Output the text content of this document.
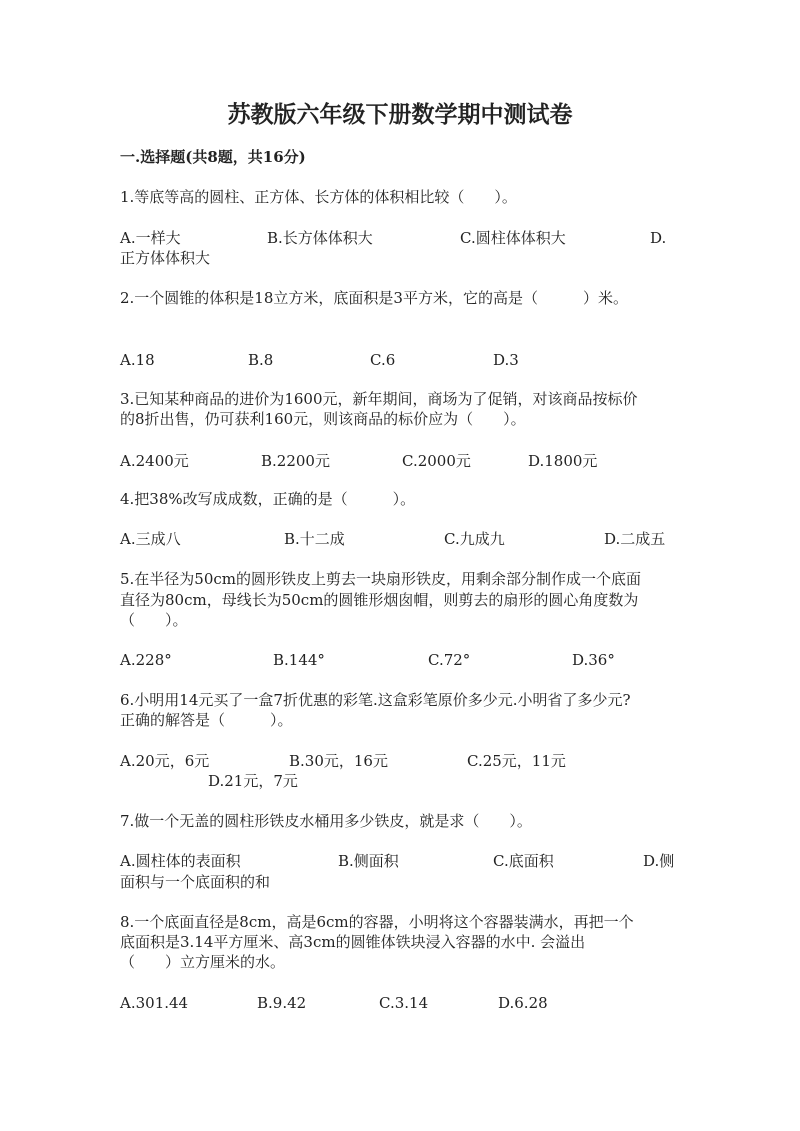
苏教版六年级下册数学期中测试卷
一.选择题(共8题，共16分)
1.等底等高的圆柱、正方体、长方体的体积相比较（　　）。
A.一样大	B.长方体体积大	C.圆柱体体积大	D.
正方体体积大
2.一个圆锥的体积是18立方米，底面积是3平方米，它的高是（　　　）米。
A.18	B.8	C.6	D.3
3.已知某种商品的进价为1600元，新年期间，商场为了促销，对该商品按标价
的8折出售，仍可获利160元，则该商品的标价应为（　　）。
A.2400元	B.2200元	C.2000元	D.1800元
4.把38%改写成成数，正确的是（　　　）。
A.三成八	B.十二成	C.九成九	D.二成五
5.在半径为50cm的圆形铁皮上剪去一块扇形铁皮，用剩余部分制作成一个底面
直径为80cm，母线长为50cm的圆锥形烟囱帽，则剪去的扇形的圆心角度数为
（　　）。
A.228°	B.144°	C.72°	D.36°
6.小明用14元买了一盒7折优惠的彩笔.这盒彩笔原价多少元.小明省了多少元?
正确的解答是（　　　）。
A.20元，6元	B.30元，16元	C.25元，11元
D.21元，7元
7.做一个无盖的圆柱形铁皮水桶用多少铁皮，就是求（　　）。
A.圆柱体的表面积	B.侧面积	C.底面积	D.侧
面积与一个底面积的和
8.一个底面直径是8cm，高是6cm的容器，小明将这个容器装满水，再把一个
底面积是3.14平方厘米、高3cm的圆锥体铁块浸入容器的水中. 会溢出
（　　）立方厘米的水。
A.301.44	B.9.42	C.3.14	D.6.28
